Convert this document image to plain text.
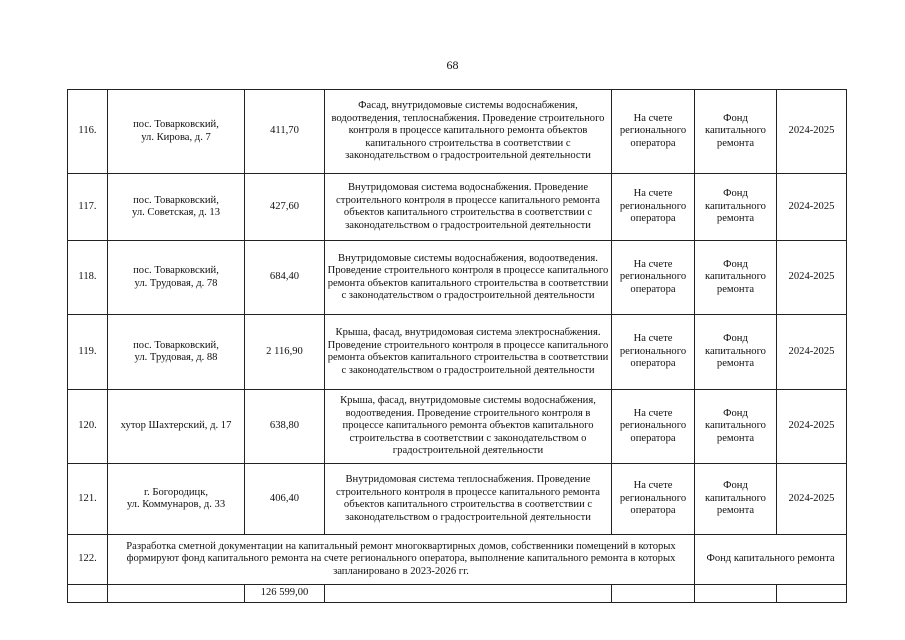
68
116.	пос. Товарковский,
ул. Кирова, д. 7	411,70	Фасад, внутридомовые системы водоснабжения, водоотведения, теплоснабжения. Проведение строительного контроля в процессе капитального ремонта объектов капитального строительства в соответствии с законодательством о градостроительной деятельности	На счете регионального оператора	Фонд капитального ремонта	2024-2025
117.	пос. Товарковский,
ул. Советская, д. 13	427,60	Внутридомовая система водоснабжения. Проведение строительного контроля в процессе капитального ремонта объектов капитального строительства в соответствии с законодательством о градостроительной деятельности	На счете регионального оператора	Фонд капитального ремонта	2024-2025
118.	пос. Товарковский,
ул. Трудовая, д. 78	684,40	Внутридомовые системы водоснабжения, водоотведения. Проведение строительного контроля в процессе капитального ремонта объектов капитального строительства в соответствии с законодательством о градостроительной деятельности	На счете регионального оператора	Фонд капитального ремонта	2024-2025
119.	пос. Товарковский,
ул. Трудовая, д. 88	2 116,90	Крыша, фасад, внутридомовая система электроснабжения. Проведение строительного контроля в процессе капитального ремонта объектов капитального строительства в соответствии с законодательством о градостроительной деятельности	На счете регионального оператора	Фонд капитального ремонта	2024-2025
120.	хутор Шахтерский, д. 17	638,80	Крыша, фасад, внутридомовые системы водоснабжения, водоотведения. Проведение строительного контроля в процессе капитального ремонта объектов капитального строительства в соответствии с законодательством о градостроительной деятельности	На счете регионального оператора	Фонд капитального ремонта	2024-2025
121.	г. Богородицк,
ул. Коммунаров, д. 33	406,40	Внутридомовая система теплоснабжения. Проведение строительного контроля в процессе капитального ремонта объектов капитального строительства в соответствии с законодательством о градостроительной деятельности	На счете регионального оператора	Фонд капитального ремонта	2024-2025
122.	Разработка сметной документации на капитальный ремонт многоквартирных домов, собственники помещений в которых формируют фонд капитального ремонта на счете регионального оператора, выполнение капитального ремонта в которых запланировано в 2023-2026 гг.				Фонд капитального ремонта	
		126 599,00				
